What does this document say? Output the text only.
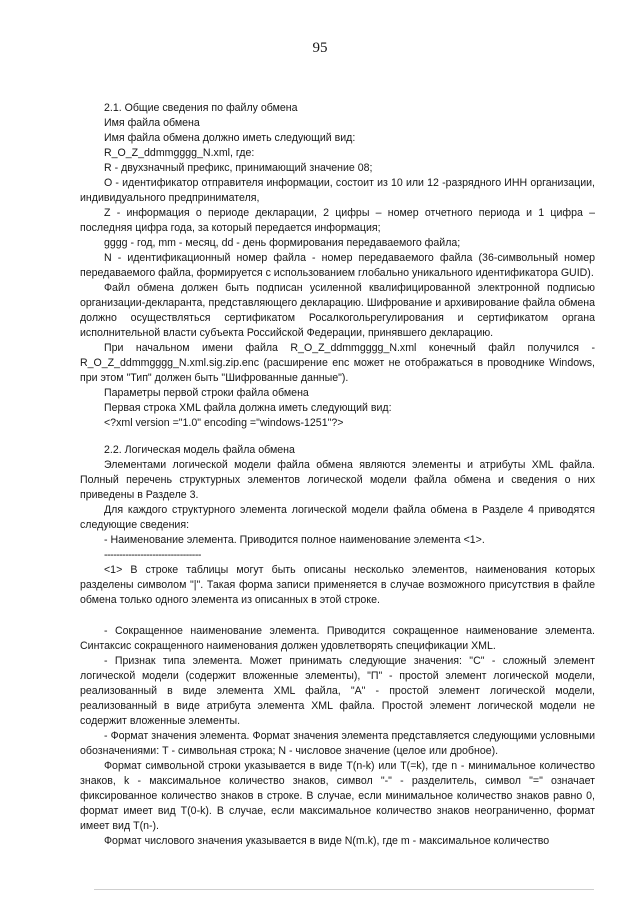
95

2.1. Общие сведения по файлу обмена

Имя файла обмена

Имя файла обмена должно иметь следующий вид:

R_O_Z_ddmmgggg_N.xml, где:

R - двухзначный префикс, принимающий значение 08;

O - идентификатор отправителя информации, состоит из 10 или 12 -разрядного ИНН организации, индивидуального предпринимателя,

Z - информация о периоде декларации, 2 цифры – номер отчетного периода и 1 цифра – последняя цифра года, за который передается информация;

gggg - год, mm - месяц, dd - день формирования передаваемого файла;

N - идентификационный номер файла - номер передаваемого файла (36-символьный номер передаваемого файла, формируется с использованием глобально уникального идентификатора GUID).

Файл обмена должен быть подписан усиленной квалифицированной электронной подписью организации-декларанта, представляющего декларацию. Шифрование и архивирование файла обмена должно осуществляться сертификатом Росалкогольрегулирования и сертификатом органа исполнительной власти субъекта Российской Федерации, принявшего декларацию.

При начальном имени файла R_O_Z_ddmmgggg_N.xml конечный файл получился - R_O_Z_ddmmgggg_N.xml.sig.zip.enc (расширение enc может не отображаться в проводнике Windows, при этом "Тип" должен быть "Шифрованные данные").

Параметры первой строки файла обмена

Первая строка XML файла должна иметь следующий вид:

<?xml version ="1.0" encoding ="windows-1251"?>

2.2. Логическая модель файла обмена

Элементами логической модели файла обмена являются элементы и атрибуты XML файла. Полный перечень структурных элементов логической модели файла обмена и сведения о них приведены в Разделе 3.

Для каждого структурного элемента логической модели файла обмена в Разделе 4 приводятся следующие сведения:

- Наименование элемента. Приводится полное наименование элемента <1>.

--------------------------------

<1> В строке таблицы могут быть описаны несколько элементов, наименования которых разделены символом "|". Такая форма записи применяется в случае возможного присутствия в файле обмена только одного элемента из описанных в этой строке.

- Сокращенное наименование элемента. Приводится сокращенное наименование элемента. Синтаксис сокращенного наименования должен удовлетворять спецификации XML.

- Признак типа элемента. Может принимать следующие значения: "С" - сложный элемент логической модели (содержит вложенные элементы), "П" - простой элемент логической модели, реализованный в виде элемента XML файла, "А" - простой элемент логической модели, реализованный в виде атрибута элемента XML файла. Простой элемент логической модели не содержит вложенные элементы.

- Формат значения элемента. Формат значения элемента представляется следующими условными обозначениями: Т - символьная строка; N - числовое значение (целое или дробное).

Формат символьной строки указывается в виде T(n-k) или T(=k), где n - минимальное количество знаков, k - максимальное количество знаков, символ "-" - разделитель, символ "=" означает фиксированное количество знаков в строке. В случае, если минимальное количество знаков равно 0, формат имеет вид T(0-k). В случае, если максимальное количество знаков неограниченно, формат имеет вид T(n-).

Формат числового значения указывается в виде N(m.k), где m - максимальное количество
